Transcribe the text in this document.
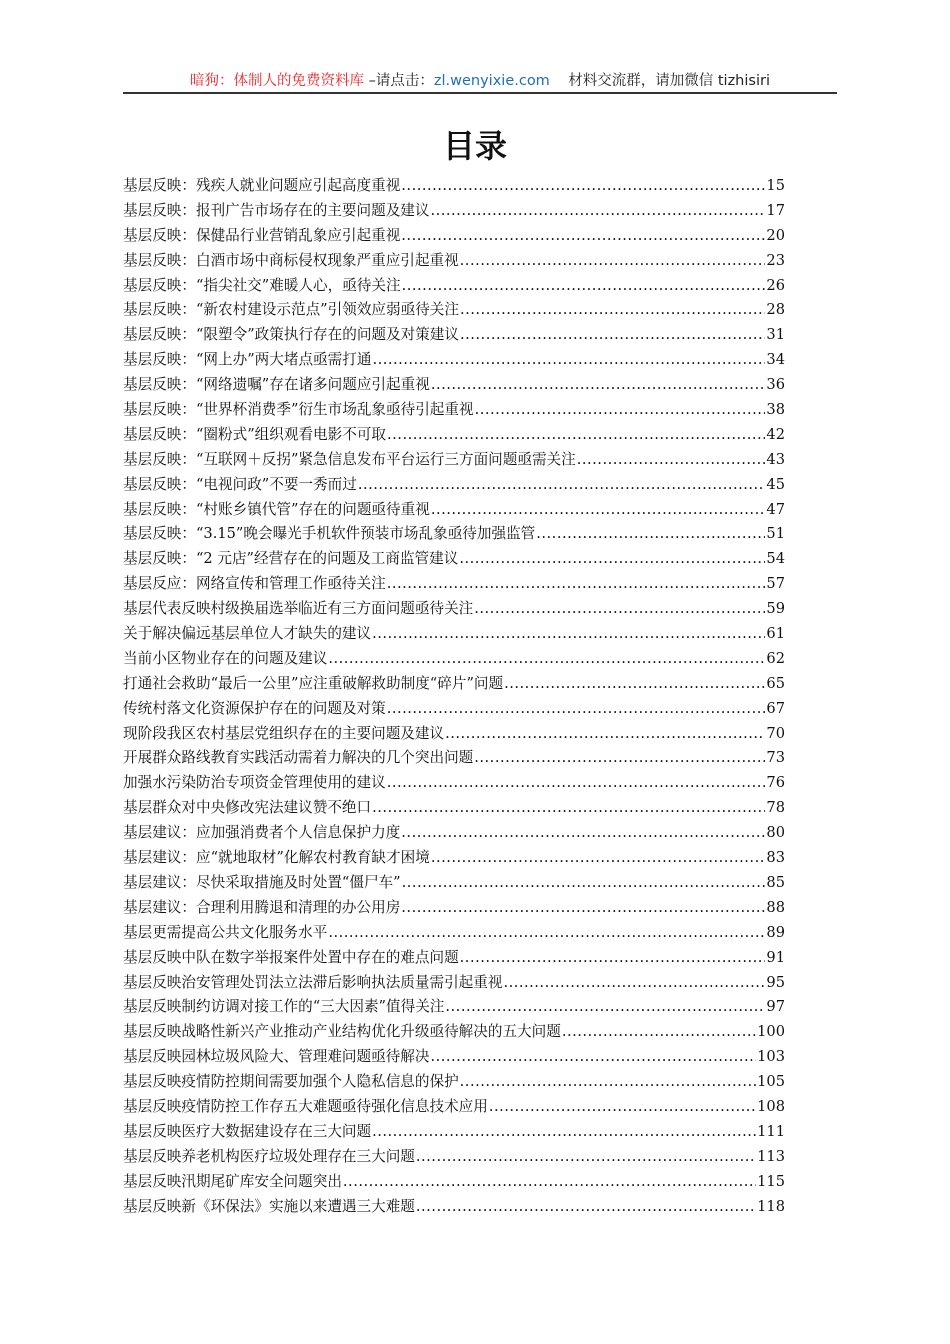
暗狗：体制人的免费资料库 –请点击：zl.wenyixie.com    材料交流群，请加微信 tizhisiri
目录
基层反映：残疾人就业问题应引起高度重视 .....	15
基层反映：报刊广告市场存在的主要问题及建议 .....	17
基层反映：保健品行业营销乱象应引起重视 .....	20
基层反映：白酒市场中商标侵权现象严重应引起重视 .....	23
基层反映：“指尖社交”难暖人心，亟待关注 .....	26
基层反映：“新农村建设示范点”引领效应弱亟待关注 .....	28
基层反映：“限塑令”政策执行存在的问题及对策建议 .....	31
基层反映：“网上办”两大堵点亟需打通 .....	34
基层反映：“网络遗嘱”存在诸多问题应引起重视 .....	36
基层反映：“世界杯消费季”衍生市场乱象亟待引起重视 .....	38
基层反映：“圈粉式”组织观看电影不可取 .....	42
基层反映：“互联网＋反拐”紧急信息发布平台运行三方面问题亟需关注 .....	43
基层反映：“电视问政”不要一秀而过 .....	45
基层反映：“村账乡镇代管”存在的问题亟待重视 .....	47
基层反映：“3.15”晚会曝光手机软件预装市场乱象亟待加强监管 .....	51
基层反映：“2 元店”经营存在的问题及工商监管建议 .....	54
基层反应：网络宣传和管理工作亟待关注 .....	57
基层代表反映村级换届选举临近有三方面问题亟待关注 .....	59
关于解决偏远基层单位人才缺失的建议 .....	61
当前小区物业存在的问题及建议 .....	62
打通社会救助“最后一公里”应注重破解救助制度“碎片”问题 .....	65
传统村落文化资源保护存在的问题及对策 .....	67
现阶段我区农村基层党组织存在的主要问题及建议 .....	70
开展群众路线教育实践活动需着力解决的几个突出问题 .....	73
加强水污染防治专项资金管理使用的建议 .....	76
基层群众对中央修改宪法建议赞不绝口 .....	78
基层建议：应加强消费者个人信息保护力度 .....	80
基层建议：应“就地取材”化解农村教育缺才困境 .....	83
基层建议：尽快采取措施及时处置“僵尸车” .....	85
基层建议：合理利用腾退和清理的办公用房 .....	88
基层更需提高公共文化服务水平 .....	89
基层反映中队在数字举报案件处置中存在的难点问题 .....	91
基层反映治安管理处罚法立法滞后影响执法质量需引起重视 .....	95
基层反映制约访调对接工作的“三大因素”值得关注 .....	97
基层反映战略性新兴产业推动产业结构优化升级亟待解决的五大问题 .....	100
基层反映园林垃圾风险大、管理难问题亟待解决 .....	103
基层反映疫情防控期间需要加强个人隐私信息的保护 .....	105
基层反映疫情防控工作存五大难题亟待强化信息技术应用 .....	108
基层反映医疗大数据建设存在三大问题 .....	111
基层反映养老机构医疗垃圾处理存在三大问题 .....	113
基层反映汛期尾矿库安全问题突出 .....	115
基层反映新《环保法》实施以来遭遇三大难题 .....	118
